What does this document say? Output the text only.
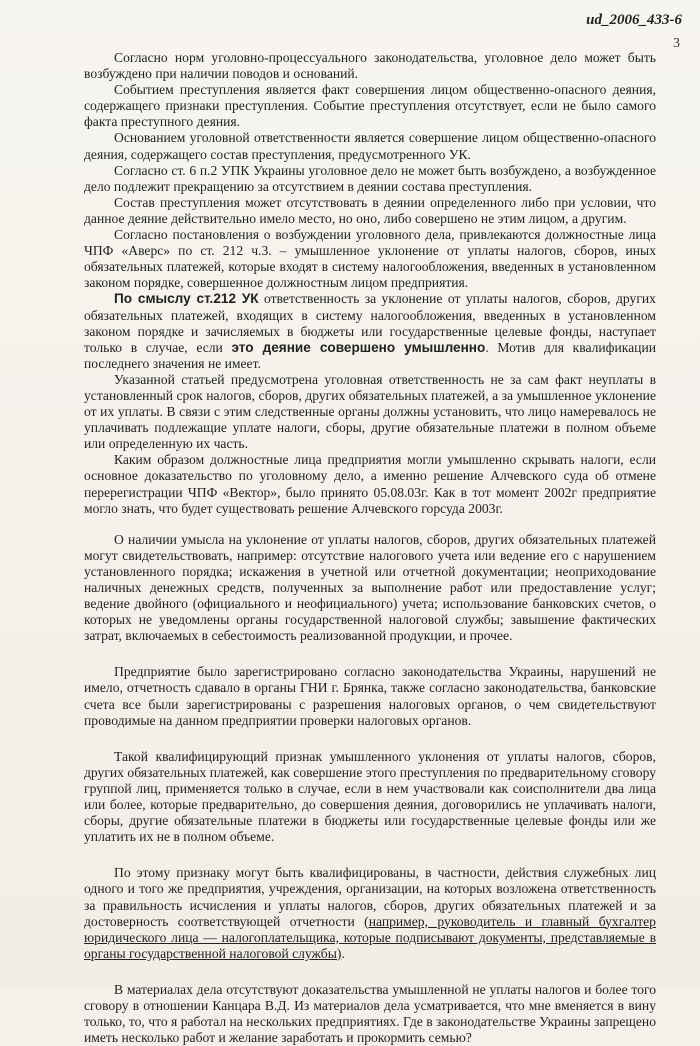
ud_2006_433-6
3

Согласно норм уголовно-процессуального законодательства, уголовное дело может быть возбуждено при наличии поводов и оснований.

Событием преступления является факт совершения лицом общественно-опасного деяния, содержащего признаки преступления. Событие преступления отсутствует, если не было самого факта преступного деяния.

Основанием уголовной ответственности является совершение лицом общественно-опасного деяния, содержащего состав преступления, предусмотренного УК.

Согласно ст. 6 п.2 УПК Украины уголовное дело не может быть возбуждено, а возбужденное дело подлежит прекращению за отсутствием в деянии состава преступления.

Состав преступления может отсутствовать в деянии определенного либо при условии, что данное деяние действительно имело место, но оно, либо совершено не этим лицом, а другим.

Согласно постановления о возбуждении уголовного дела, привлекаются должностные лица ЧПФ «Аверс» по ст. 212 ч.3. – умышленное уклонение от уплаты налогов, сборов, иных обязательных платежей, которые входят в систему налогообложения, введенных в установленном законом порядке, совершенное должностным лицом предприятия.

По смыслу ст.212 УК ответственность за уклонение от уплаты налогов, сборов, других обязательных платежей, входящих в систему налогообложения, введенных в установленном законом порядке и зачисляемых в бюджеты или государственные целевые фонды, наступает только в случае, если это деяние совершено умышленно. Мотив для квалификации последнего значения не имеет.

Указанной статьей предусмотрена уголовная ответственность не за сам факт неуплаты в установленный срок налогов, сборов, других обязательных платежей, а за умышленное уклонение от их уплаты. В связи с этим следственные органы должны установить, что лицо намеревалось не уплачивать подлежащие уплате налоги, сборы, другие обязательные платежи в полном объеме или определенную их часть.

Каким образом должностные лица предприятия могли умышленно скрывать налоги, если основное доказательство по уголовному дело, а именно решение Алчевского суда об отмене перерегистрации ЧПФ «Вектор», было принято 05.08.03г. Как в тот момент 2002г предприятие могло знать, что будет существовать решение Алчевского горсуда 2003г.

О наличии умысла на уклонение от уплаты налогов, сборов, других обязательных платежей могут свидетельствовать, например: отсутствие налогового учета или ведение его с нарушением установленного порядка; искажения в учетной или отчетной документации; неоприходование наличных денежных средств, полученных за выполнение работ или предоставление услуг; ведение двойного (официального и неофициального) учета; использование банковских счетов, о которых не уведомлены органы государственной налоговой службы; завышение фактических затрат, включаемых в себестоимость реализованной продукции, и прочее.

Предприятие было зарегистрировано согласно законодательства Украины, нарушений не имело, отчетность сдавало в органы ГНИ г. Брянка, также согласно законодательства, банковские счета все были зарегистрированы с разрешения налоговых органов, о чем свидетельствуют проводимые на данном предприятии проверки налоговых органов.

Такой квалифицирующий признак умышленного уклонения от уплаты налогов, сборов, других обязательных платежей, как совершение этого преступления по предварительному сговору группой лиц, применяется только в случае, если в нем участвовали как соисполнители два лица или более, которые предварительно, до совершения деяния, договорились не уплачивать налоги, сборы, другие обязательные платежи в бюджеты или государственные целевые фонды или же уплатить их не в полном объеме.

По этому признаку могут быть квалифицированы, в частности, действия служебных лиц одного и того же предприятия, учреждения, организации, на которых возложена ответственность за правильность исчисления и уплаты налогов, сборов, других обязательных платежей и за достоверность соответствующей отчетности (например, руководитель и главный бухгалтер юридического лица — налогоплательщика, которые подписывают документы, представляемые в органы государственной налоговой службы).

В материалах дела отсутствуют доказательства умышленной не уплаты налогов и более того сговору в отношении Канцара В.Д. Из материалов дела усматривается, что мне вменяется в вину только, то, что я работал на нескольких предприятиях. Где в законодательстве Украины запрещено иметь несколько работ и желание заработать и прокормить семью?
